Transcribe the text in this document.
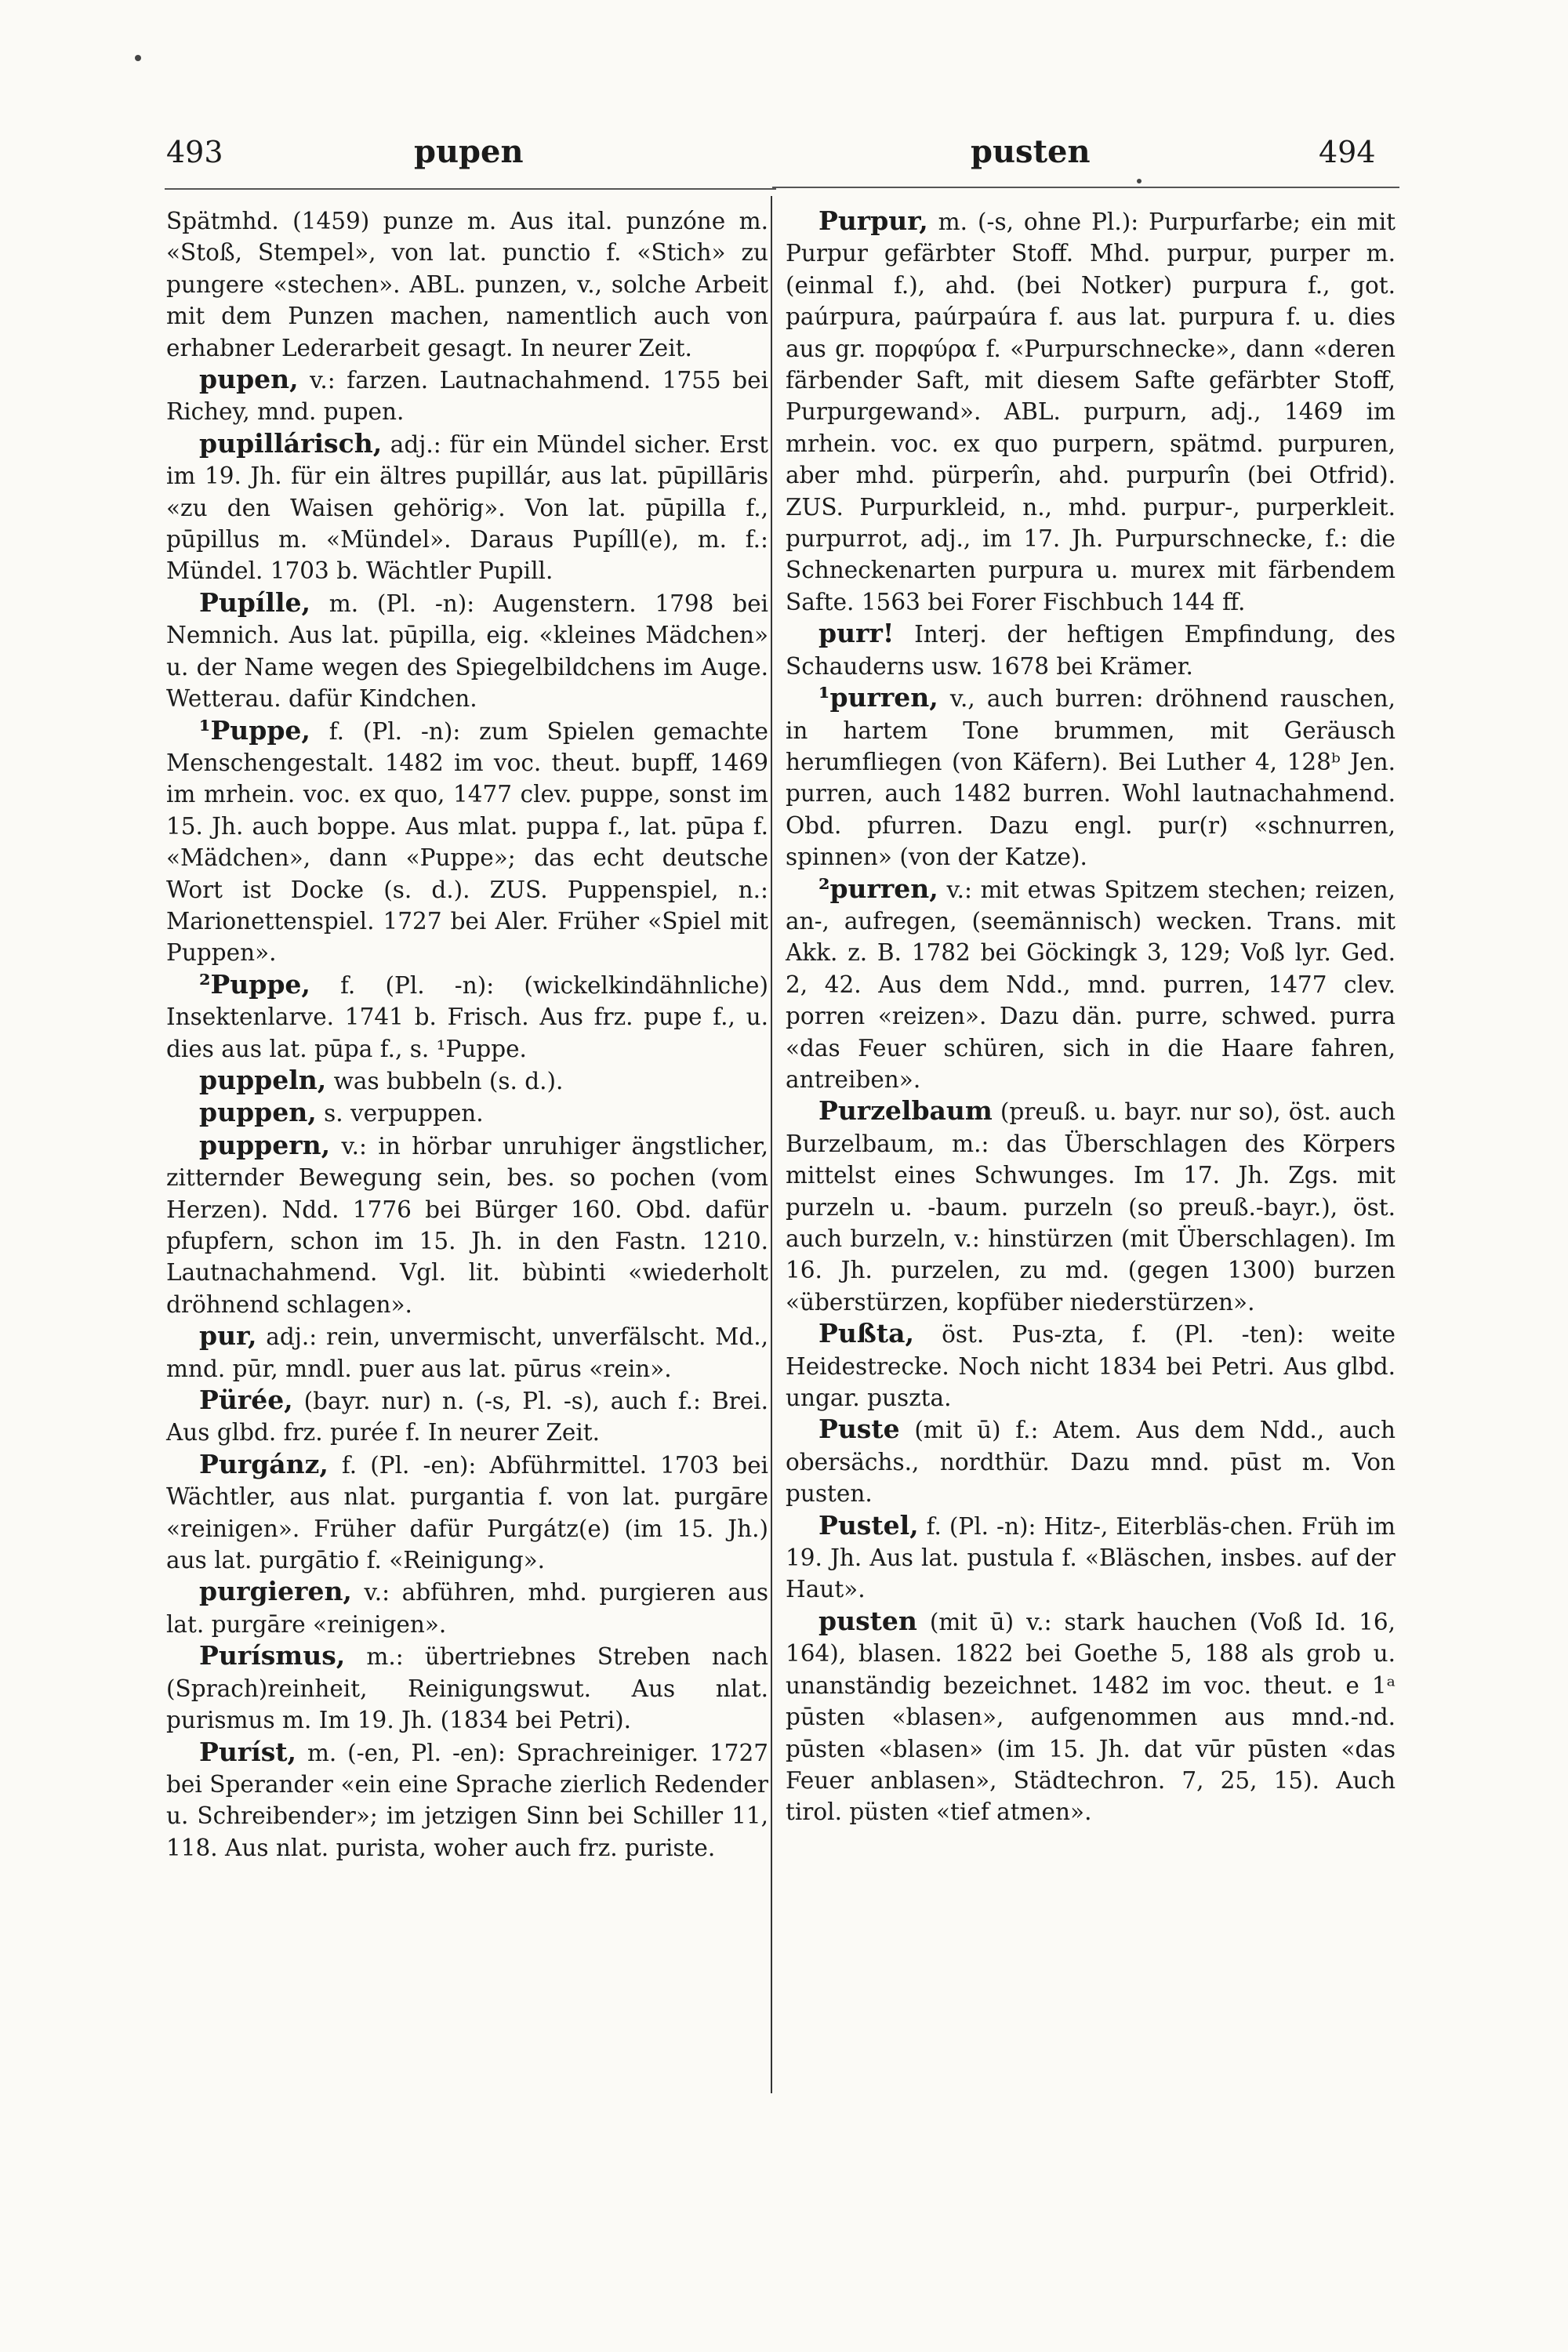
493	pupen	pusten	494

Spätmhd. (1459) punze m. Aus ital. punzóne m. «Stoß, Stempel», von lat. punctio f. «Stich» zu pungere «stechen». ABL. punzen, v., solche Arbeit mit dem Punzen machen, namentlich auch von erhabner Lederarbeit gesagt. In neurer Zeit.

pupen, v.: farzen. Lautnachahmend. 1755 bei Richey, mnd. pupen.

pupillárisch, adj.: für ein Mündel sicher. Erst im 19. Jh. für ein ältres pupillár, aus lat. pūpillāris «zu den Waisen gehörig». Von lat. pūpilla f., pūpillus m. «Mündel». Daraus Pupíll(e), m. f.: Mündel. 1703 b. Wächtler Pupill.

Pupílle, m. (Pl. -n): Augenstern. 1798 bei Nemnich. Aus lat. pūpilla, eig. «kleines Mädchen» u. der Name wegen des Spiegelbildchens im Auge. Wetterau. dafür Kindchen.

¹Puppe, f. (Pl. -n): zum Spielen gemachte Menschengestalt. 1482 im voc. theut. bupff, 1469 im mrhein. voc. ex quo, 1477 clev. puppe, sonst im 15. Jh. auch boppe. Aus mlat. puppa f., lat. pūpa f. «Mädchen», dann «Puppe»; das echt deutsche Wort ist Docke (s. d.). ZUS. Puppenspiel, n.: Marionettenspiel. 1727 bei Aler. Früher «Spiel mit Puppen».

²Puppe, f. (Pl. -n): (wickelkindähnliche) Insektenlarve. 1741 b. Frisch. Aus frz. pupe f., u. dies aus lat. pūpa f., s. ¹Puppe.

puppeln, was bubbeln (s. d.).

puppen, s. verpuppen.

puppern, v.: in hörbar unruhiger ängstlicher, zitternder Bewegung sein, bes. so pochen (vom Herzen). Ndd. 1776 bei Bürger 160. Obd. dafür pfupfern, schon im 15. Jh. in den Fastn. 1210. Lautnachahmend. Vgl. lit. bùbinti «wiederholt dröhnend schlagen».

pur, adj.: rein, unvermischt, unverfälscht. Md., mnd. pūr, mndl. puer aus lat. pūrus «rein».

Pürée, (bayr. nur) n. (-s, Pl. -s), auch f.: Brei. Aus glbd. frz. purée f. In neurer Zeit.

Purgánz, f. (Pl. -en): Abführmittel. 1703 bei Wächtler, aus nlat. purgantia f. von lat. purgāre «reinigen». Früher dafür Purgátz(e) (im 15. Jh.) aus lat. purgātio f. «Reinigung».

purgieren, v.: abführen, mhd. purgieren aus lat. purgāre «reinigen».

Purísmus, m.: übertriebnes Streben nach (Sprach)reinheit, Reinigungswut. Aus nlat. purismus m. Im 19. Jh. (1834 bei Petri).

Puríst, m. (-en, Pl. -en): Sprachreiniger. 1727 bei Sperander «ein eine Sprache zierlich Redender u. Schreibender»; im jetzigen Sinn bei Schiller 11, 118. Aus nlat. purista, woher auch frz. puriste.

Purpur, m. (-s, ohne Pl.): Purpurfarbe; ein mit Purpur gefärbter Stoff. Mhd. purpur, purper m. (einmal f.), ahd. (bei Notker) purpura f., got. paúrpura, paúrpaúra f. aus lat. purpura f. u. dies aus gr. πορφύρα f. «Purpurschnecke», dann «deren färbender Saft, mit diesem Safte gefärbter Stoff, Purpurgewand». ABL. purpurn, adj., 1469 im mrhein. voc. ex quo purpern, spätmd. purpuren, aber mhd. pürperîn, ahd. purpurîn (bei Otfrid). ZUS. Purpurkleid, n., mhd. purpur-, purperkleit. purpurrot, adj., im 17. Jh. Purpurschnecke, f.: die Schneckenarten purpura u. murex mit färbendem Safte. 1563 bei Forer Fischbuch 144 ff.

purr! Interj. der heftigen Empfindung, des Schauderns usw. 1678 bei Krämer.

¹purren, v., auch burren: dröhnend rauschen, in hartem Tone brummen, mit Geräusch herumfliegen (von Käfern). Bei Luther 4, 128ᵇ Jen. purren, auch 1482 burren. Wohl lautnachahmend. Obd. pfurren. Dazu engl. pur(r) «schnurren, spinnen» (von der Katze).

²purren, v.: mit etwas Spitzem stechen; reizen, an-, aufregen, (seemännisch) wecken. Trans. mit Akk. z. B. 1782 bei Göckingk 3, 129; Voß lyr. Ged. 2, 42. Aus dem Ndd., mnd. purren, 1477 clev. porren «reizen». Dazu dän. purre, schwed. purra «das Feuer schüren, sich in die Haare fahren, antreiben».

Purzelbaum (preuß. u. bayr. nur so), öst. auch Burzelbaum, m.: das Überschlagen des Körpers mittelst eines Schwunges. Im 17. Jh. Zgs. mit purzeln u. -baum. purzeln (so preuß.-bayr.), öst. auch burzeln, v.: hinstürzen (mit Überschlagen). Im 16. Jh. purzelen, zu md. (gegen 1300) burzen «überstürzen, kopfüber niederstürzen».

Pußta, öst. Pus-zta, f. (Pl. -ten): weite Heidestrecke. Noch nicht 1834 bei Petri. Aus glbd. ungar. puszta.

Puste (mit ū) f.: Atem. Aus dem Ndd., auch obersächs., nordthür. Dazu mnd. pūst m. Von pusten.

Pustel, f. (Pl. -n): Hitz-, Eiterbläs-chen. Früh im 19. Jh. Aus lat. pustula f. «Bläschen, insbes. auf der Haut».

pusten (mit ū) v.: stark hauchen (Voß Id. 16, 164), blasen. 1822 bei Goethe 5, 188 als grob u. unanständig bezeichnet. 1482 im voc. theut. e 1ᵃ pūsten «blasen», aufgenommen aus mnd.-nd. pūsten «blasen» (im 15. Jh. dat vūr pūsten «das Feuer anblasen», Städtechron. 7, 25, 15). Auch tirol. püsten «tief atmen».
